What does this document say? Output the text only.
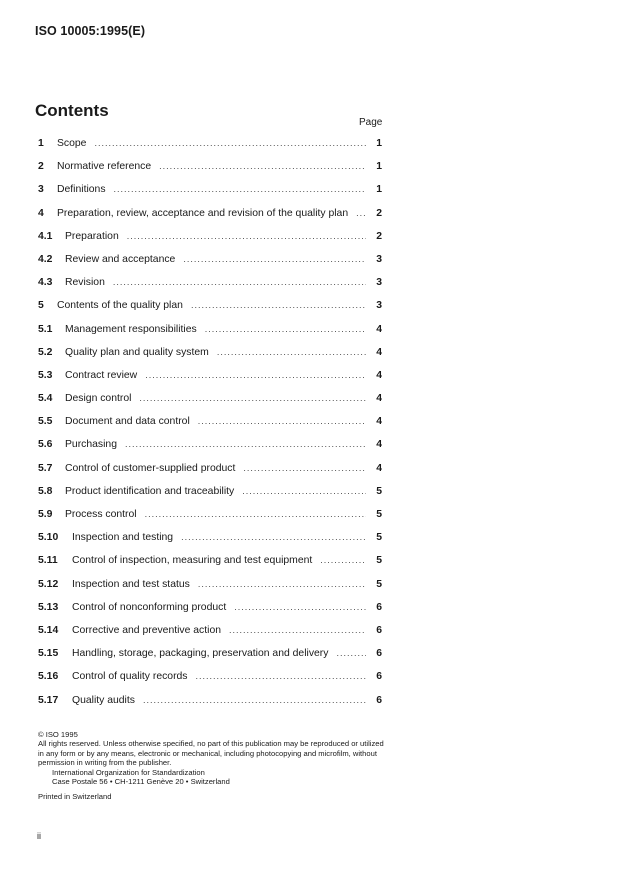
ISO 10005:1995(E)
Contents
Page
1	Scope .....	1
2	Normative reference .....	1
3	Definitions .....	1
4	Preparation, review, acceptance and revision of the quality plan .....	2
4.1	Preparation .....	2
4.2	Review and acceptance .....	3
4.3	Revision .....	3
5	Contents of the quality plan .....	3
5.1	Management responsibilities .....	4
5.2	Quality plan and quality system .....	4
5.3	Contract review .....	4
5.4	Design control .....	4
5.5	Document and data control .....	4
5.6	Purchasing .....	4
5.7	Control of customer-supplied product .....	4
5.8	Product identification and traceability .....	5
5.9	Process control .....	5
5.10	Inspection and testing .....	5
5.11	Control of inspection, measuring and test equipment .....	5
5.12	Inspection and test status .....	5
5.13	Control of nonconforming product .....	6
5.14	Corrective and preventive action .....	6
5.15	Handling, storage, packaging, preservation and delivery .....	6
5.16	Control of quality records .....	6
5.17	Quality audits .....	6
© ISO 1995
All rights reserved. Unless otherwise specified, no part of this publication may be reproduced or utilized in any form or by any means, electronic or mechanical, including photocopying and microfilm, without permission in writing from the publisher.
International Organization for Standardization
Case Postale 56 • CH-1211 Genève 20 • Switzerland
Printed in Switzerland
ii
